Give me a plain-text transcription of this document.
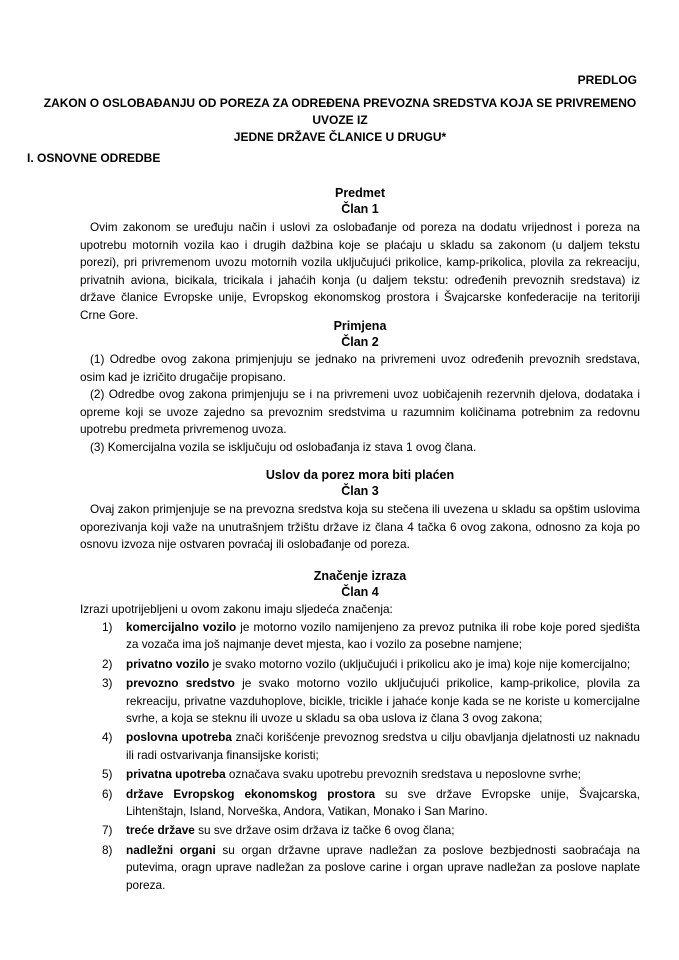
PREDLOG
ZAKON O OSLOBAĐANJU OD POREZA ZA ODREĐENA PREVOZNA SREDSTVA KOJA SE PRIVREMENO UVOZE IZ
JEDNE DRŽAVE ČLANICE U DRUGU*
I. OSNOVNE ODREDBE
Predmet
Član 1
Ovim zakonom se uređuju način i uslovi za oslobađanje od poreza na dodatu vrijednost i poreza na upotrebu motornih vozila kao i drugih dažbina koje se plaćaju u skladu sa zakonom (u daljem tekstu porezi), pri privremenom uvozu motornih vozila uključujući prikolice, kamp-prikolica, plovila za rekreaciju, privatnih aviona, bicikala, tricikala i jahaćih konja (u daljem tekstu: određenih prevoznih sredstava) iz države članice Evropske unije, Evropskog ekonomskog prostora i Švajcarske konfederacije na teritoriji Crne Gore.
Primjena
Član 2
(1) Odredbe ovog zakona primjenjuju se jednako na privremeni uvoz određenih prevoznih sredstava, osim kad je izričito drugačije propisano.
(2) Odredbe ovog zakona primjenjuju se i na privremeni uvoz uobičajenih rezervnih djelova, dodataka i opreme koji se uvoze zajedno sa prevoznim sredstvima u razumnim količinama potrebnim za redovnu upotrebu predmeta privremenog uvoza.
(3) Komercijalna vozila se isključuju od oslobađanja iz stava 1 ovog člana.
Uslov da porez mora biti plaćen
Član 3
Ovaj zakon primjenjuje se na prevozna sredstva koja su stečena ili uvezena u skladu sa opštim uslovima oporezivanja koji važe na unutrašnjem tržištu države iz člana 4 tačka 6 ovog zakona, odnosno za koja po osnovu izvoza nije ostvaren povraćaj ili oslobađanje od poreza.
Značenje izraza
Član 4
Izrazi upotrijebljeni u ovom zakonu imaju sljedeća značenja:
1) komercijalno vozilo je motorno vozilo namijenjeno za prevoz putnika ili robe koje pored sjedišta za vozača ima još najmanje devet mjesta, kao i vozilo za posebne namjene;
2) privatno vozilo je svako motorno vozilo (uključujući i prikolicu ako je ima) koje nije komercijalno;
3) prevozno sredstvo je svako motorno vozilo uključujući prikolice, kamp-prikolice, plovila za rekreaciju, privatne vazduhoplove, bicikle, tricikle i jahaće konje kada se ne koriste u komercijalne svrhe, a koja se steknu ili uvoze u skladu sa oba uslova iz člana 3 ovog zakona;
4) poslovna upotreba znači korišćenje prevoznog sredstva u cilju obavljanja djelatnosti uz naknadu ili radi ostvarivanja finansijske koristi;
5) privatna upotreba označava svaku upotrebu prevoznih sredstava u neposlovne svrhe;
6) države Evropskog ekonomskog prostora su sve države Evropske unije, Švajcarska, Lihtenštajn, Island, Norveška, Andora, Vatikan, Monako i San Marino.
7) treće države su sve države osim država iz tačke 6 ovog člana;
8) nadležni organi su organ državne uprave nadležan za poslove bezbjednosti saobraćaja na putevima, oragn uprave nadležan za poslove carine i organ uprave nadležan za poslove naplate poreza.
